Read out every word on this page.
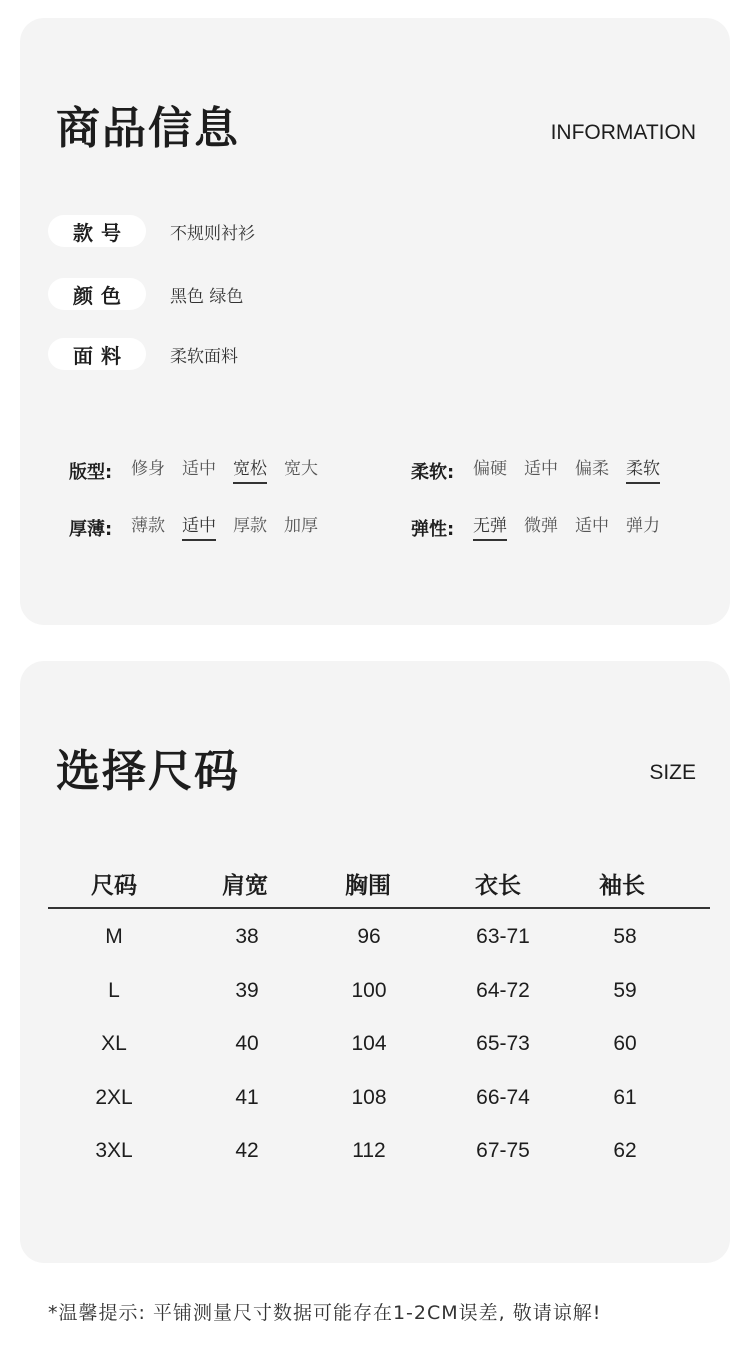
商品信息	INFORMATION
款号	不规则衬衫
颜色	黑色 绿色
面料	柔软面料
版型:	修身 适中 宽松 宽大	柔软:	偏硬 适中 偏柔 柔软
厚薄:	薄款 适中 厚款 加厚	弹性:	无弹 微弹 适中 弹力
选择尺码	SIZE
尺码	肩宽	胸围	衣长	袖长
M	38	96	63-71	58
L	39	100	64-72	59
XL	40	104	65-73	60
2XL	41	108	66-74	61
3XL	42	112	67-75	62
*温馨提示: 平铺测量尺寸数据可能存在1-2CM误差, 敬请谅解!
